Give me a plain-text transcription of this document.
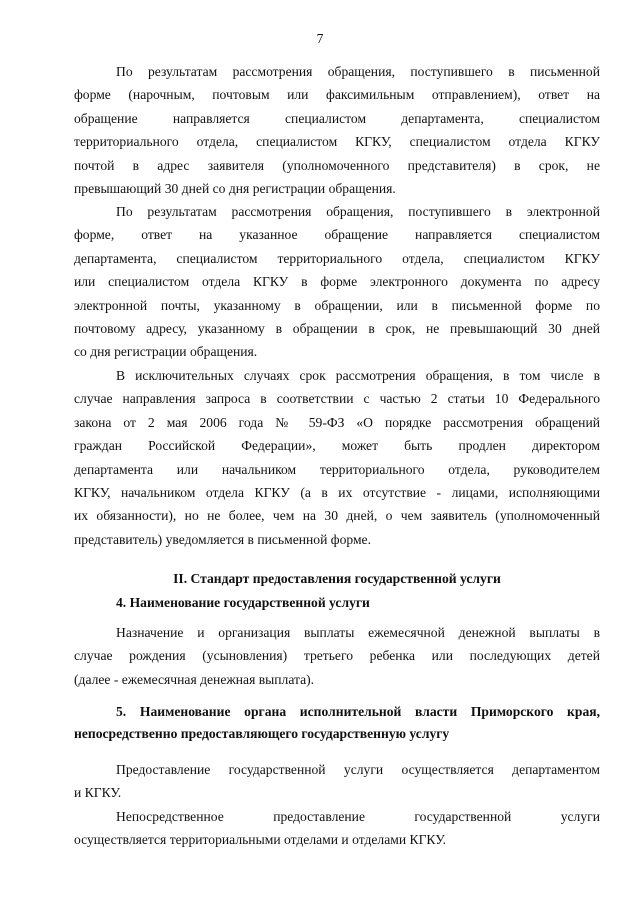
7
По результатам рассмотрения обращения, поступившего в письменной
форме (нарочным, почтовым или факсимильным отправлением), ответ на
обращение направляется специалистом департамента, специалистом
территориального отдела, специалистом КГКУ, специалистом отдела КГКУ
почтой в адрес заявителя (уполномоченного представителя) в срок, не
превышающий 30 дней со дня регистрации обращения.
По результатам рассмотрения обращения, поступившего в электронной
форме, ответ на указанное обращение направляется специалистом
департамента, специалистом территориального отдела, специалистом КГКУ
или специалистом отдела КГКУ в форме электронного документа по адресу
электронной почты, указанному в обращении, или в письменной форме по
почтовому адресу, указанному в обращении в срок, не превышающий 30 дней
со дня регистрации обращения.
В исключительных случаях срок рассмотрения обращения, в том числе в
случае направления запроса в соответствии с частью 2 статьи 10 Федерального
закона от 2 мая 2006 года № 59-ФЗ «О порядке рассмотрения обращений
граждан Российской Федерации», может быть продлен директором
департамента или начальником территориального отдела, руководителем
КГКУ, начальником отдела КГКУ (а в их отсутствие - лицами, исполняющими
их обязанности), но не более, чем на 30 дней, о чем заявитель (уполномоченный
представитель) уведомляется в письменной форме.
II. Стандарт предоставления государственной услуги
4. Наименование государственной услуги
Назначение и организация выплаты ежемесячной денежной выплаты в
случае рождения (усыновления) третьего ребенка или последующих детей
(далее - ежемесячная денежная выплата).
5. Наименование органа исполнительной власти Приморского края,
непосредственно предоставляющего государственную услугу
Предоставление государственной услуги осуществляется департаментом
и КГКУ.
Непосредственное предоставление государственной услуги
осуществляется территориальными отделами и отделами КГКУ.
